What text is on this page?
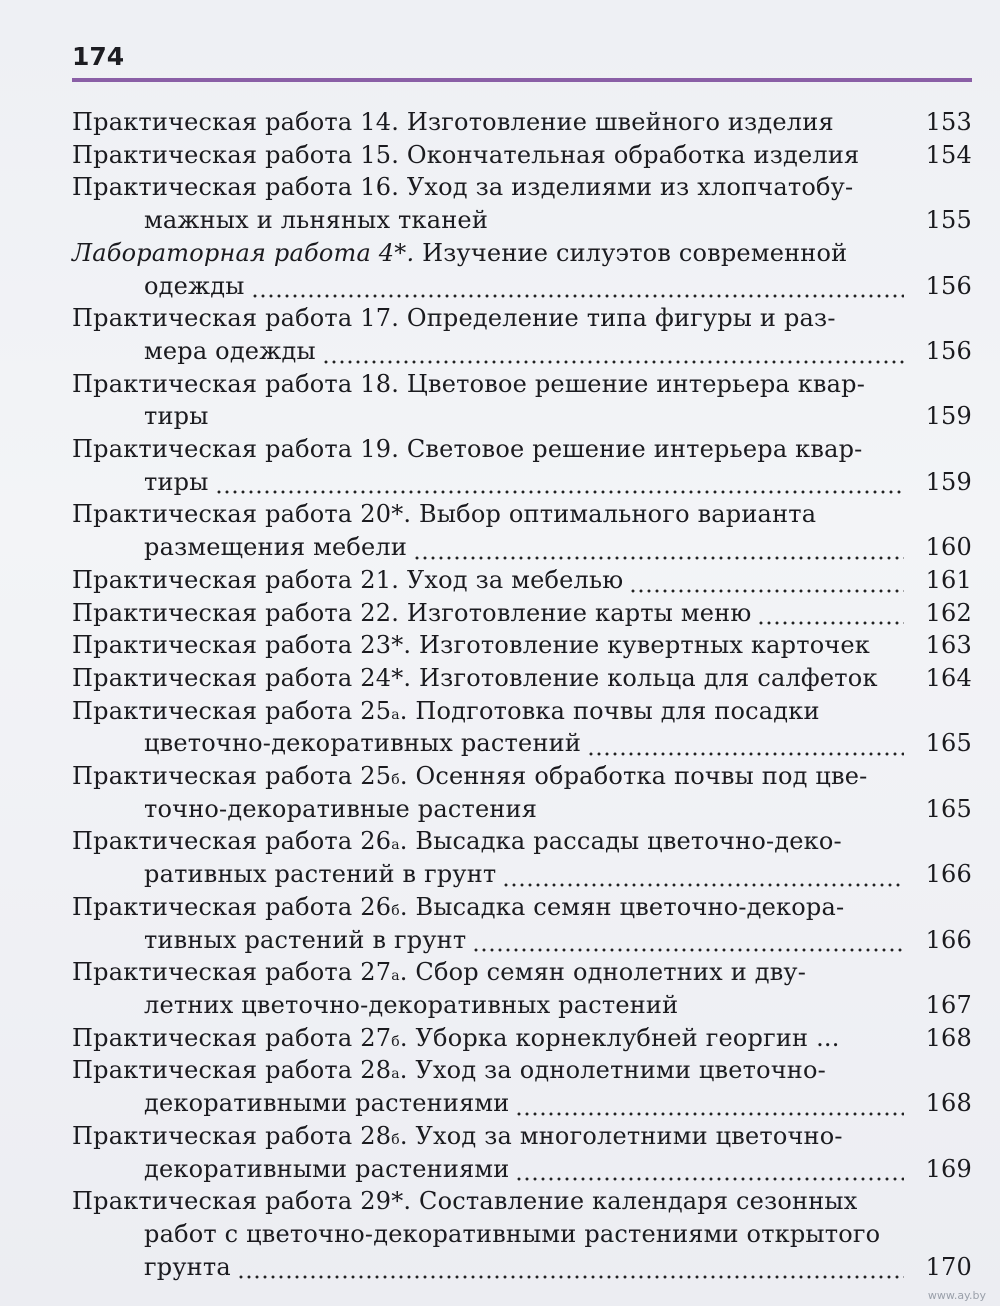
174
Практическая работа 14. Изготовление швейного изделия	153
Практическая работа 15. Окончательная обработка изделия	154
Практическая работа 16. Уход за изделиями из хлопчатобу-
мажных и льняных тканей	155
Лабораторная работа 4*. Изучение силуэтов современной
одежды	156
Практическая работа 17. Определение типа фигуры и раз-
мера одежды	156
Практическая работа 18. Цветовое решение интерьера квар-
тиры	159
Практическая работа 19. Световое решение интерьера квар-
тиры	159
Практическая работа 20*. Выбор оптимального варианта
размещения мебели	160
Практическая работа 21. Уход за мебелью	161
Практическая работа 22. Изготовление карты меню	162
Практическая работа 23*. Изготовление кувертных карточек	163
Практическая работа 24*. Изготовление кольца для салфеток	164
Практическая работа 25 а . Подготовка почвы для посадки
цветочно-декоративных растений	165
Практическая работа 25 б . Осенняя обработка почвы под цве-
точно-декоративные растения	165
Практическая работа 26 а . Высадка рассады цветочно-деко-
ративных растений в грунт	166
Практическая работа 26 б . Высадка семян цветочно-декора-
тивных растений в грунт	166
Практическая работа 27 а . Сбор семян однолетних и дву-
летних цветочно-декоративных растений	167
Практическая работа 27 б . Уборка корнеклубней георгин ...	168
Практическая работа 28 а . Уход за однолетними цветочно-
декоративными растениями	168
Практическая работа 28 б . Уход за многолетними цветочно-
декоративными растениями	169
Практическая работа 29*. Составление календаря сезонных
работ с цветочно-декоративными растениями открытого
грунта	170
www.ay.by
